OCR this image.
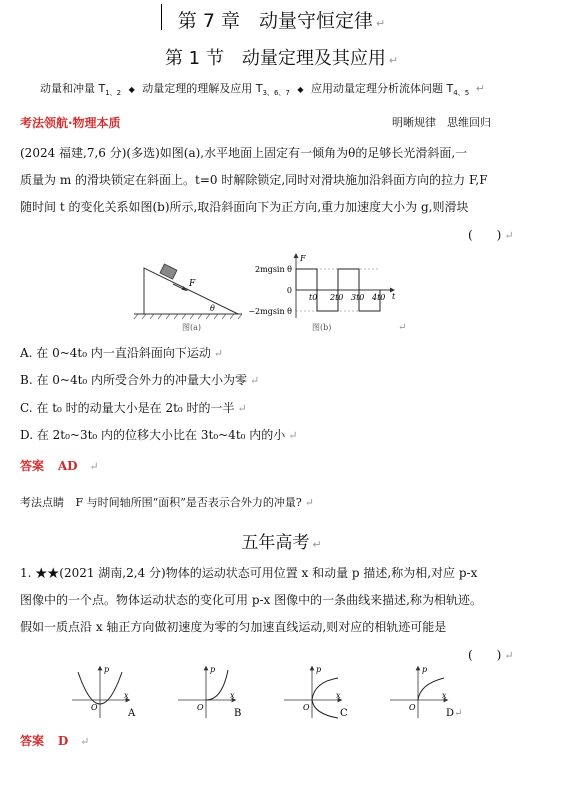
第 7 章　动量守恒定律 ↵
第 1 节　动量定理及其应用 ↵
动量和冲量 $T_{1、2}$ ◆ 动量定理的理解及应用 $T_{3、6、7}$ ◆ 应用动量定理分析流体问题 $T_{4、5}$ ↵
考法领航·物理本质	明晰规律　思维回归
(2024 福建,7,6 分)(多选)如图(a),水平地面上固定有一倾角为θ的足够长光滑斜面,一
质量为 m 的滑块锁定在斜面上。t=0 时解除锁定,同时对滑块施加沿斜面方向的拉力 F,F
随时间 t 的变化关系如图(b)所示,取沿斜面向下为正方向,重力加速度大小为 g,则滑块
(　　) ↵
F
θ
图(a)
F
t
2mgsin θ
0
−2mgsin θ
t0 2t0 3t0 4t0
图(b)	↵
A. 在 0~4t₀ 内一直沿斜面向下运动 ↵
B. 在 0~4t₀ 内所受合外力的冲量大小为零 ↵
C. 在 t₀ 时的动量大小是在 2t₀ 时的一半 ↵
D. 在 2t₀~3t₀ 内的位移大小比在 3t₀~4t₀ 内的小 ↵
答案 AD ↵
考法点睛 F 与时间轴所围“面积”是否表示合外力的冲量? ↵
五年高考 ↵
1. ★★(2021 湖南,2,4 分)物体的运动状态可用位置 x 和动量 p 描述,称为相,对应 p-x
图像中的一个点。物体运动状态的变化可用 p-x 图像中的一条曲线来描述,称为相轨迹。
假如一质点沿 x 轴正方向做初速度为零的匀加速直线运动,则对应的相轨迹可能是
(　　) ↵
p
x
O
A
p
x
O
B
p
x
O
C
p
x
O
D ↵
答案 D ↵
